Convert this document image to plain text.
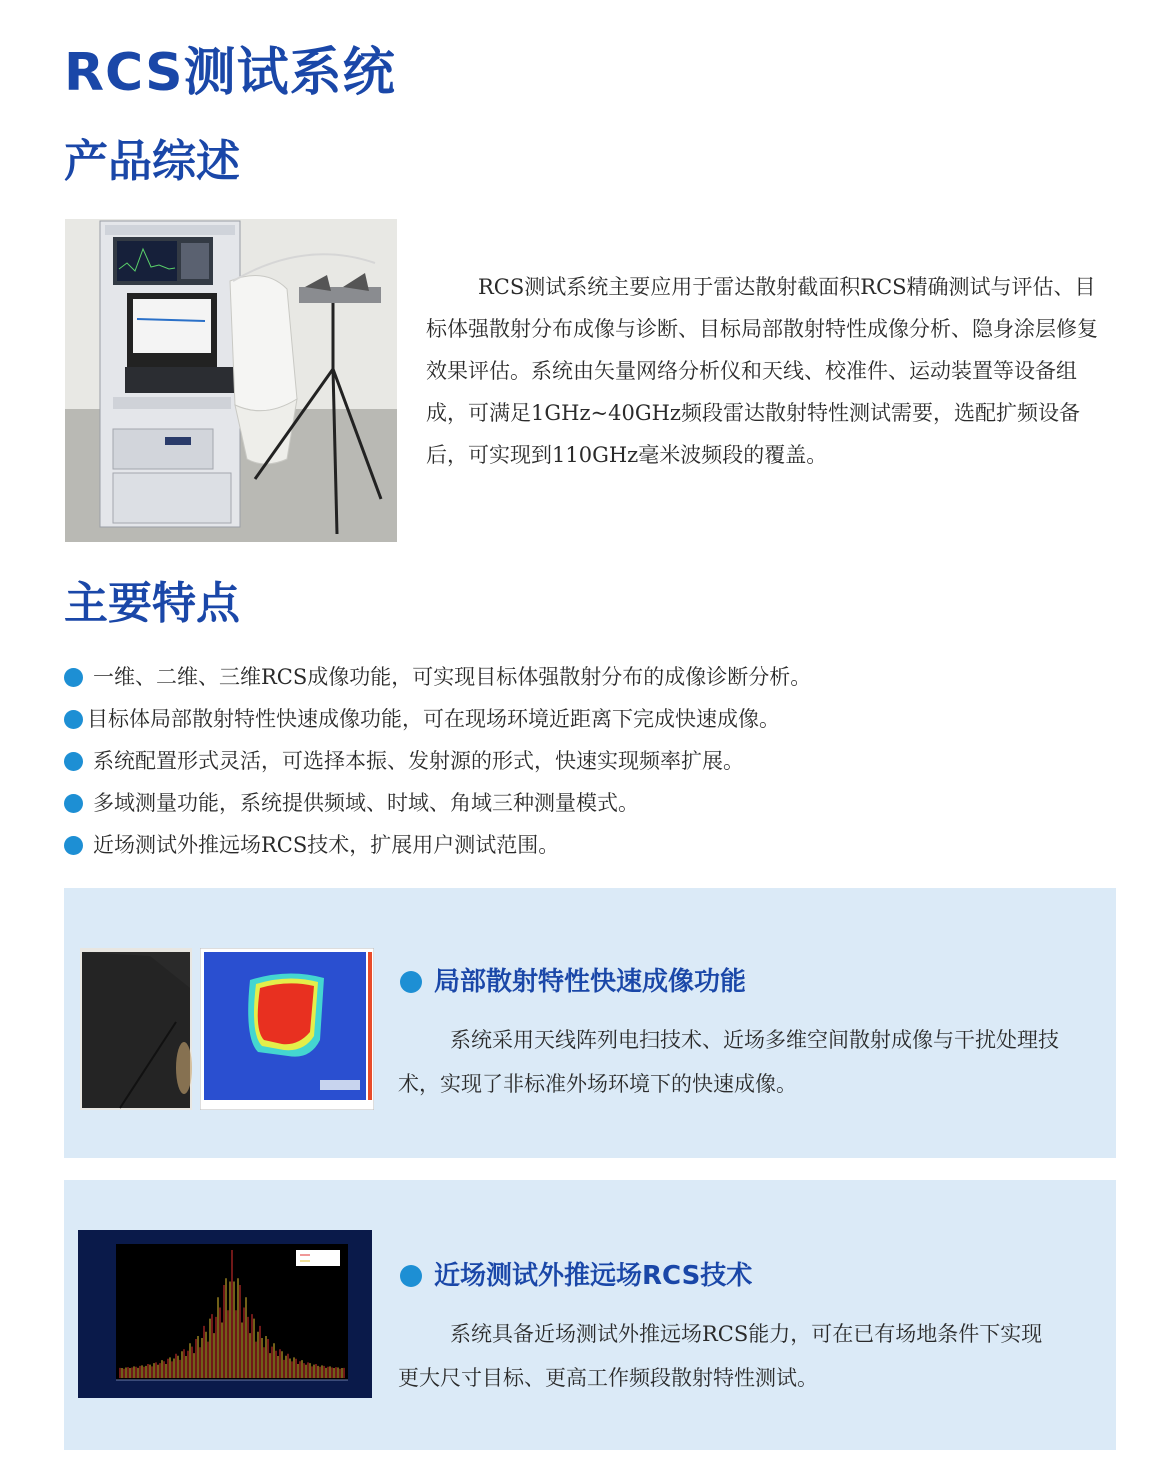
RCS测试系统
产品综述
RCS测试系统主要应用于雷达散射截面积RCS精确测试与评估、目标体强散射分布成像与诊断、目标局部散射特性成像分析、隐身涂层修复效果评估。系统由矢量网络分析仪和天线、校准件、运动装置等设备组成，可满足1GHz~40GHz频段雷达散射特性测试需要，选配扩频设备后，可实现到110GHz毫米波频段的覆盖。
主要特点
一维、二维、三维RCS成像功能，可实现目标体强散射分布的成像诊断分析。
目标体局部散射特性快速成像功能，可在现场环境近距离下完成快速成像。
系统配置形式灵活，可选择本振、发射源的形式，快速实现频率扩展。
多域测量功能，系统提供频域、时域、角域三种测量模式。
近场测试外推远场RCS技术，扩展用户测试范围。
局部散射特性快速成像功能
系统采用天线阵列电扫技术、近场多维空间散射成像与干扰处理技术，实现了非标准外场环境下的快速成像。
近场测试外推远场RCS技术
系统具备近场测试外推远场RCS能力，可在已有场地条件下实现更大尺寸目标、更高工作频段散射特性测试。
